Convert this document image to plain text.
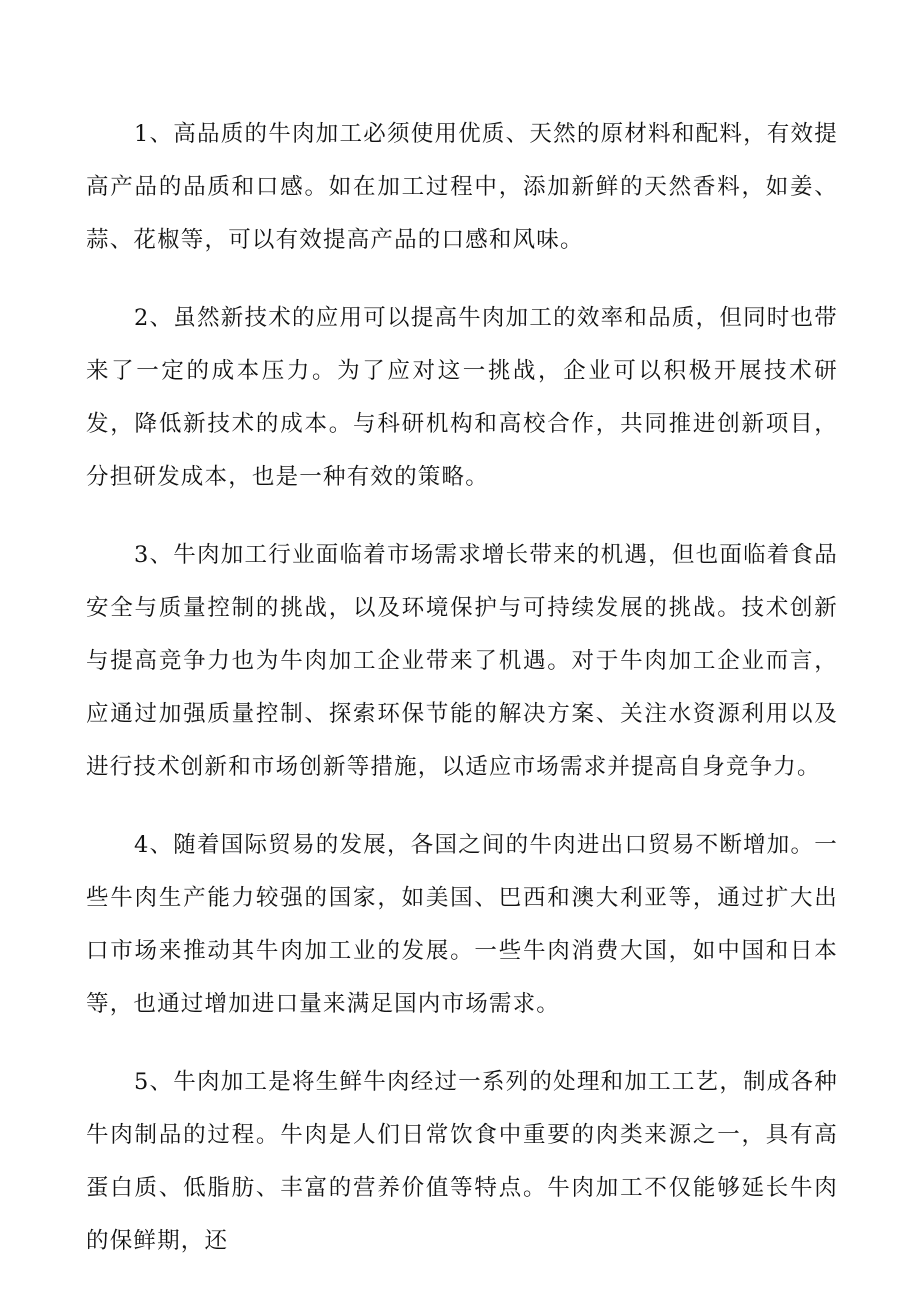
1、高品质的牛肉加工必须使用优质、天然的原材料和配料，有效提高产品的品质和口感。如在加工过程中，添加新鲜的天然香料，如姜、蒜、花椒等，可以有效提高产品的口感和风味。

2、虽然新技术的应用可以提高牛肉加工的效率和品质，但同时也带来了一定的成本压力。为了应对这一挑战，企业可以积极开展技术研发，降低新技术的成本。与科研机构和高校合作，共同推进创新项目，分担研发成本，也是一种有效的策略。

3、牛肉加工行业面临着市场需求增长带来的机遇，但也面临着食品安全与质量控制的挑战，以及环境保护与可持续发展的挑战。技术创新与提高竞争力也为牛肉加工企业带来了机遇。对于牛肉加工企业而言，应通过加强质量控制、探索环保节能的解决方案、关注水资源利用以及进行技术创新和市场创新等措施，以适应市场需求并提高自身竞争力。

4、随着国际贸易的发展，各国之间的牛肉进出口贸易不断增加。一些牛肉生产能力较强的国家，如美国、巴西和澳大利亚等，通过扩大出口市场来推动其牛肉加工业的发展。一些牛肉消费大国，如中国和日本等，也通过增加进口量来满足国内市场需求。

5、牛肉加工是将生鲜牛肉经过一系列的处理和加工工艺，制成各种牛肉制品的过程。牛肉是人们日常饮食中重要的肉类来源之一，具有高蛋白质、低脂肪、丰富的营养价值等特点。牛肉加工不仅能够延长牛肉的保鲜期，还
